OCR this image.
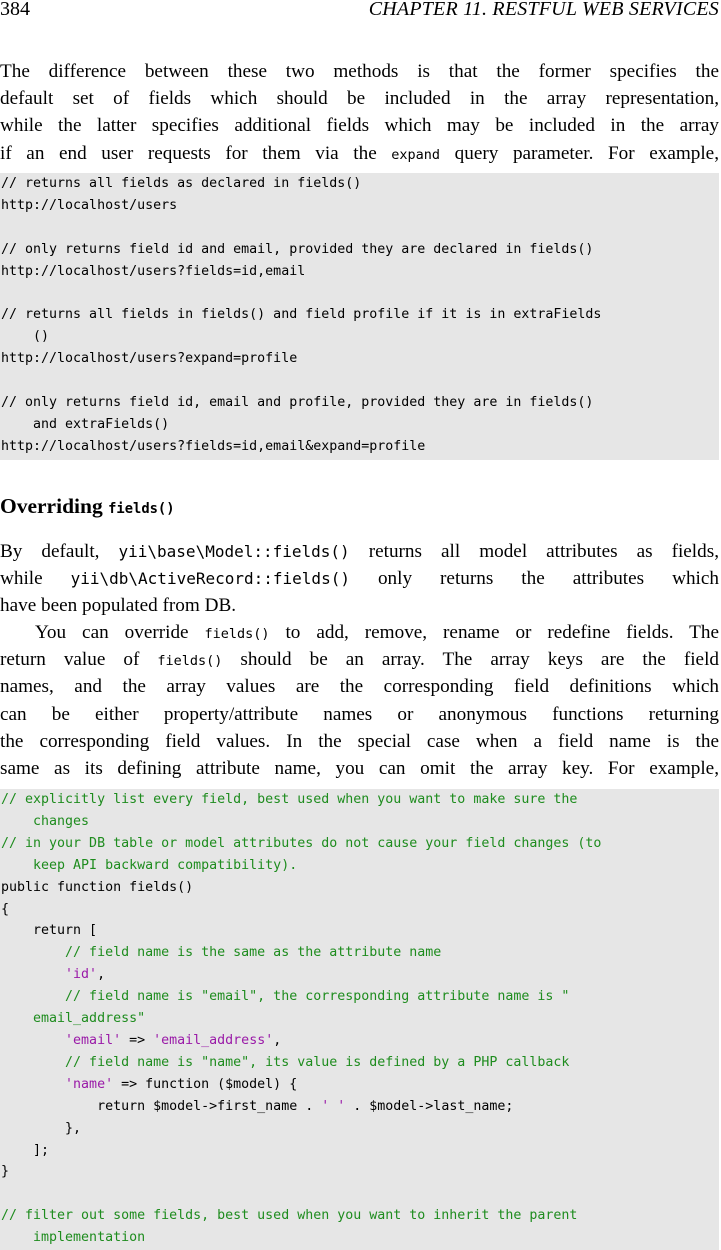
384	CHAPTER 11. RESTFUL WEB SERVICES
The difference between these two methods is that the former specifies the
default set of fields which should be included in the array representation,
while the latter specifies additional fields which may be included in the array
if an end user requests for them via the expand query parameter. For example,
// returns all fields as declared in fields()
http://localhost/users

// only returns field id and email, provided they are declared in fields()
http://localhost/users?fields=id,email

// returns all fields in fields() and field profile if it is in extraFields
()
http://localhost/users?expand=profile

// only returns field id, email and profile, provided they are in fields()
and extraFields()
http://localhost/users?fields=id,email&expand=profile
Overriding fields()
By default, yii\base\Model::fields() returns all model attributes as fields,
while yii\db\ActiveRecord::fields() only returns the attributes which
have been populated from DB.
You can override fields() to add, remove, rename or redefine fields. The
return value of fields() should be an array. The array keys are the field
names, and the array values are the corresponding field definitions which
can be either property/attribute names or anonymous functions returning
the corresponding field values. In the special case when a field name is the
same as its defining attribute name, you can omit the array key. For example,
// explicitly list every field, best used when you want to make sure the
changes
// in your DB table or model attributes do not cause your field changes (to
keep API backward compatibility).
public function fields()
{
return [
// field name is the same as the attribute name
'id',
// field name is "email", the corresponding attribute name is "
email_address"
'email' => 'email_address',
// field name is "name", its value is defined by a PHP callback
'name' => function ($model) {
return $model->first_name . ' ' . $model->last_name;
},
];
}

// filter out some fields, best used when you want to inherit the parent
implementation
